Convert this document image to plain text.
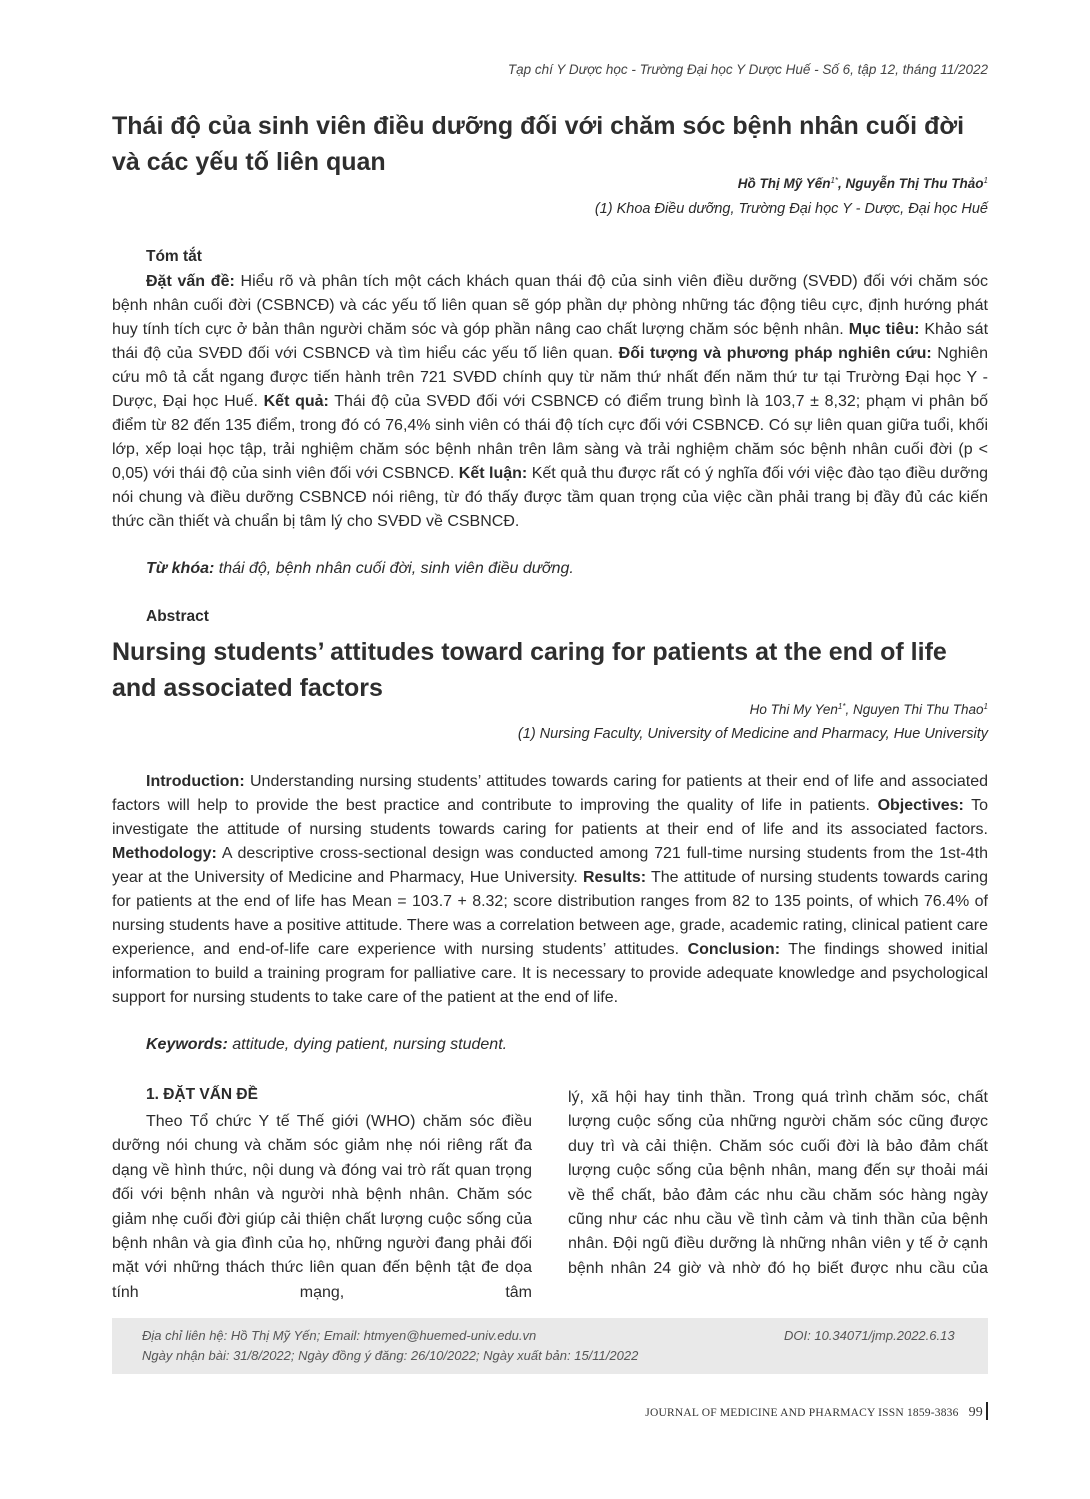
Tạp chí Y Dược học - Trường Đại học Y Dược Huế - Số 6, tập 12, tháng 11/2022
Thái độ của sinh viên điều dưỡng đối với chăm sóc bệnh nhân cuối đời và các yếu tố liên quan
Hồ Thị Mỹ Yến$^{1*}$, Nguyễn Thị Thu Thảo$^1$
(1) Khoa Điều dưỡng, Trường Đại học Y - Dược, Đại học Huế
Tóm tắt

Đặt vấn đề: Hiểu rõ và phân tích một cách khách quan thái độ của sinh viên điều dưỡng (SVĐD) đối với chăm sóc bệnh nhân cuối đời (CSBNCĐ) và các yếu tố liên quan sẽ góp phần dự phòng những tác động tiêu cực, định hướng phát huy tính tích cực ở bản thân người chăm sóc và góp phần nâng cao chất lượng chăm sóc bệnh nhân. Mục tiêu: Khảo sát thái độ của SVĐD đối với CSBNCĐ và tìm hiểu các yếu tố liên quan. Đối tượng và phương pháp nghiên cứu: Nghiên cứu mô tả cắt ngang được tiến hành trên 721 SVĐD chính quy từ năm thứ nhất đến năm thứ tư tại Trường Đại học Y - Dược, Đại học Huế. Kết quả: Thái độ của SVĐD đối với CSBNCĐ có điểm trung bình là 103,7 ± 8,32; phạm vi phân bố điểm từ 82 đến 135 điểm, trong đó có 76,4% sinh viên có thái độ tích cực đối với CSBNCĐ. Có sự liên quan giữa tuổi, khối lớp, xếp loại học tập, trải nghiệm chăm sóc bệnh nhân trên lâm sàng và trải nghiệm chăm sóc bệnh nhân cuối đời (p < 0,05) với thái độ của sinh viên đối với CSBNCĐ. Kết luận: Kết quả thu được rất có ý nghĩa đối với việc đào tạo điều dưỡng nói chung và điều dưỡng CSBNCĐ nói riêng, từ đó thấy được tầm quan trọng của việc cần phải trang bị đầy đủ các kiến thức cần thiết và chuẩn bị tâm lý cho SVĐD về CSBNCĐ.

Từ khóa: thái độ, bệnh nhân cuối đời, sinh viên điều dưỡng.
Abstract
Nursing students’ attitudes toward caring for patients at the end of life and associated factors
Ho Thi My Yen$^{1*}$, Nguyen Thi Thu Thao$^1$
(1) Nursing Faculty, University of Medicine and Pharmacy, Hue University

Introduction: Understanding nursing students’ attitudes towards caring for patients at their end of life and associated factors will help to provide the best practice and contribute to improving the quality of life in patients. Objectives: To investigate the attitude of nursing students towards caring for patients at their end of life and its associated factors. Methodology: A descriptive cross-sectional design was conducted among 721 full-time nursing students from the 1st-4th year at the University of Medicine and Pharmacy, Hue University. Results: The attitude of nursing students towards caring for patients at the end of life has Mean = 103.7 + 8.32; score distribution ranges from 82 to 135 points, of which 76.4% of nursing students have a positive attitude. There was a correlation between age, grade, academic rating, clinical patient care experience, and end-of-life care experience with nursing students’ attitudes. Conclusion: The findings showed initial information to build a training program for palliative care. It is necessary to provide adequate knowledge and psychological support for nursing students to take care of the patient at the end of life.

Keywords: attitude, dying patient, nursing student.
1. ĐẶT VẤN ĐỀ

Theo Tổ chức Y tế Thế giới (WHO) chăm sóc điều dưỡng nói chung và chăm sóc giảm nhẹ nói riêng rất đa dạng về hình thức, nội dung và đóng vai trò rất quan trọng đối với bệnh nhân và người nhà bệnh nhân. Chăm sóc giảm nhẹ cuối đời giúp cải thiện chất lượng cuộc sống của bệnh nhân và gia đình của họ, những người đang phải đối mặt với những thách thức liên quan đến bệnh tật đe dọa tính mạng, tâm

lý, xã hội hay tinh thần. Trong quá trình chăm sóc, chất lượng cuộc sống của những người chăm sóc cũng được duy trì và cải thiện. Chăm sóc cuối đời là bảo đảm chất lượng cuộc sống của bệnh nhân, mang đến sự thoải mái về thể chất, bảo đảm các nhu cầu chăm sóc hàng ngày cũng như các nhu cầu về tình cảm và tinh thần của bệnh nhân. Đội ngũ điều dưỡng là những nhân viên y tế ở cạnh bệnh nhân 24 giờ và nhờ đó họ biết được nhu cầu của

Địa chỉ liên hệ: Hồ Thị Mỹ Yến; Email: htmyen@huemed-univ.edu.vn
Ngày nhận bài: 31/8/2022; Ngày đồng ý đăng: 26/10/2022; Ngày xuất bản: 15/11/2022
DOI: 10.34071/jmp.2022.6.13
JOURNAL OF MEDICINE AND PHARMACY ISSN 1859-3836 99
